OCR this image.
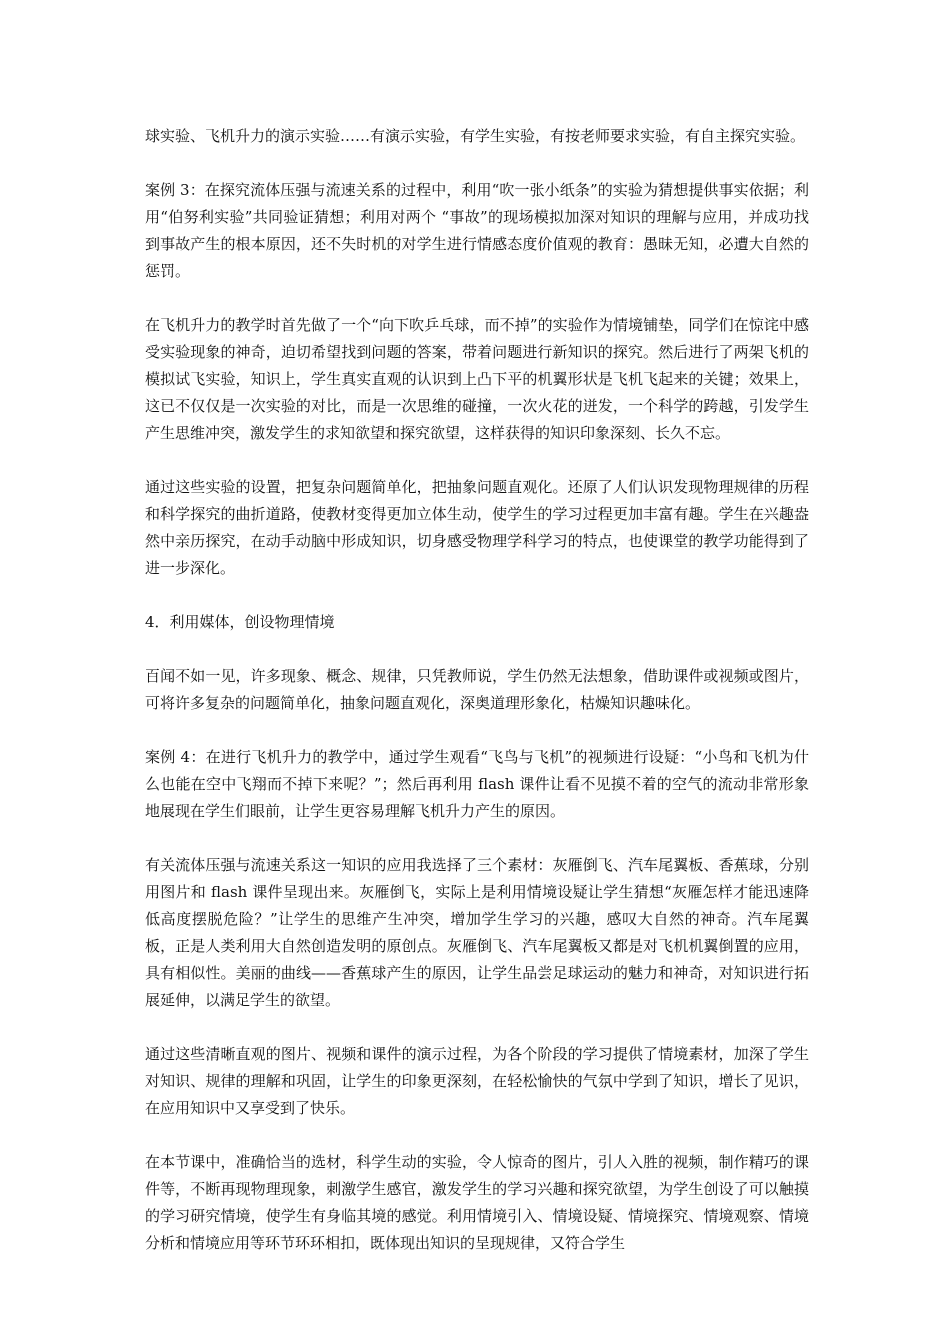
球实验、飞机升力的演示实验……有演示实验，有学生实验，有按老师要求实验，有自主探究实验。

案例 3：在探究流体压强与流速关系的过程中，利用“吹一张小纸条”的实验为猜想提供事实依据；利用“伯努利实验”共同验证猜想；利用对两个 “事故”的现场模拟加深对知识的理解与应用，并成功找到事故产生的根本原因，还不失时机的对学生进行情感态度价值观的教育：愚昧无知，必遭大自然的惩罚。

在飞机升力的教学时首先做了一个“向下吹乒乓球，而不掉”的实验作为情境铺垫，同学们在惊诧中感受实验现象的神奇，迫切希望找到问题的答案，带着问题进行新知识的探究。然后进行了两架飞机的模拟试飞实验，知识上，学生真实直观的认识到上凸下平的机翼形状是飞机飞起来的关键；效果上，这已不仅仅是一次实验的对比，而是一次思维的碰撞，一次火花的迸发，一个科学的跨越，引发学生产生思维冲突，激发学生的求知欲望和探究欲望，这样获得的知识印象深刻、长久不忘。

通过这些实验的设置，把复杂问题简单化，把抽象问题直观化。还原了人们认识发现物理规律的历程和科学探究的曲折道路，使教材变得更加立体生动，使学生的学习过程更加丰富有趣。学生在兴趣盎然中亲历探究，在动手动脑中形成知识，切身感受物理学科学习的特点，也使课堂的教学功能得到了进一步深化。

4．利用媒体，创设物理情境

百闻不如一见，许多现象、概念、规律，只凭教师说，学生仍然无法想象，借助课件或视频或图片，可将许多复杂的问题简单化，抽象问题直观化，深奥道理形象化，枯燥知识趣味化。

案例 4：在进行飞机升力的教学中，通过学生观看“飞鸟与飞机”的视频进行设疑：“小鸟和飞机为什么也能在空中飞翔而不掉下来呢？”；然后再利用 flash 课件让看不见摸不着的空气的流动非常形象地展现在学生们眼前，让学生更容易理解飞机升力产生的原因。

有关流体压强与流速关系这一知识的应用我选择了三个素材：灰雁倒飞、汽车尾翼板、香蕉球，分别用图片和 flash 课件呈现出来。灰雁倒飞，实际上是利用情境设疑让学生猜想“灰雁怎样才能迅速降低高度摆脱危险？”让学生的思维产生冲突，增加学生学习的兴趣，感叹大自然的神奇。汽车尾翼板，正是人类利用大自然创造发明的原创点。灰雁倒飞、汽车尾翼板又都是对飞机机翼倒置的应用，具有相似性。美丽的曲线——香蕉球产生的原因，让学生品尝足球运动的魅力和神奇，对知识进行拓展延伸，以满足学生的欲望。

通过这些清晰直观的图片、视频和课件的演示过程，为各个阶段的学习提供了情境素材，加深了学生对知识、规律的理解和巩固，让学生的印象更深刻，在轻松愉快的气氛中学到了知识，增长了见识，在应用知识中又享受到了快乐。

在本节课中，准确恰当的选材，科学生动的实验，令人惊奇的图片，引人入胜的视频，制作精巧的课件等，不断再现物理现象，刺激学生感官，激发学生的学习兴趣和探究欲望，为学生创设了可以触摸的学习研究情境，使学生有身临其境的感觉。利用情境引入、情境设疑、情境探究、情境观察、情境分析和情境应用等环节环环相扣，既体现出知识的呈现规律，又符合学生
